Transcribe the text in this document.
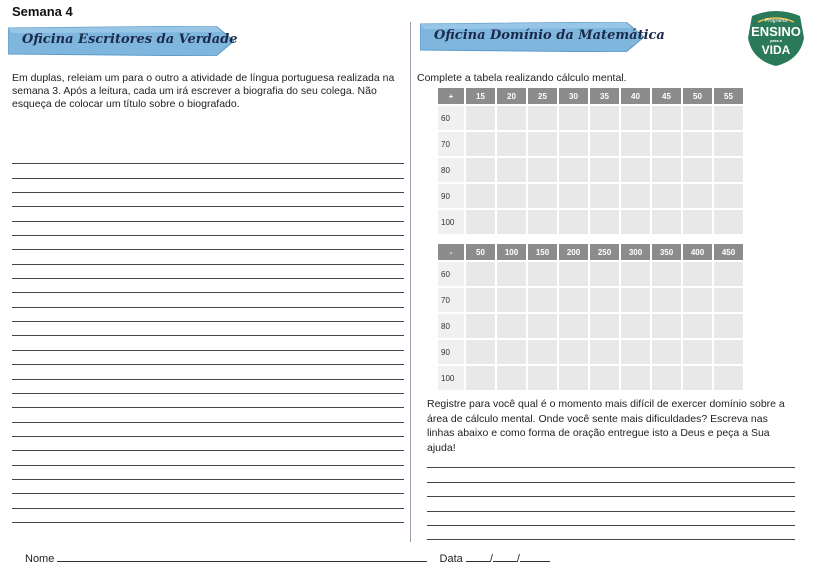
Semana 4
Oficina Escritores da Verdade	Oficina Domínio da Matemática
Programa
ENSINO
para a
VIDA

Em duplas, releiam um para o outro a atividade de língua portuguesa realizada na semana 3. Após a leitura, cada um irá escrever a biografia do seu colega. Não esqueça de colocar um título sobre o biografado.

Complete a tabela realizando cálculo mental.

+	15	20	25	30	35	40	45	50	55
60									
70									
80									
90									
100									
-	50	100	150	200	250	300	350	400	450
60									
70									
80									
90									
100									

Registre para você qual é o momento mais difícil de exercer domínio sobre a área de cálculo mental. Onde você sente mais dificuldades? Escreva nas linhas abaixo e como forma de oração entregue isto a Deus e peça a Sua ajuda!

Nome	Data / /
